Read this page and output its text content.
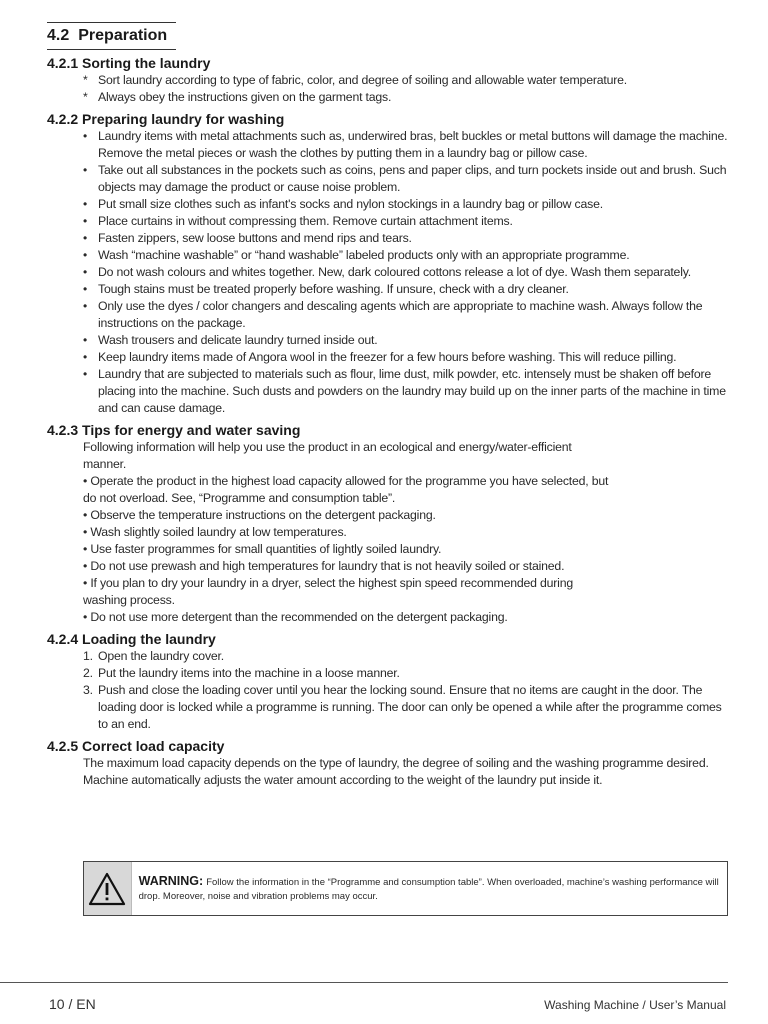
4.2 Preparation
4.2.1 Sorting the laundry
* Sort laundry according to type of fabric, color, and degree of soiling and allowable water temperature.
* Always obey the instructions given on the garment tags.
4.2.2 Preparing laundry for washing
• Laundry items with metal attachments such as, underwired bras, belt buckles or metal buttons will damage the machine. Remove the metal pieces or wash the clothes by putting them in a laundry bag or pillow case.
• Take out all substances in the pockets such as coins, pens and paper clips, and turn pockets inside out and brush. Such objects may damage the product or cause noise problem.
• Put small size clothes such as infant's socks and nylon stockings in a laundry bag or pillow case.
• Place curtains in without compressing them. Remove curtain attachment items.
• Fasten zippers, sew loose buttons and mend rips and tears.
• Wash “machine washable” or “hand washable” labeled products only with an appropriate programme.
• Do not wash colours and whites together. New, dark coloured cottons release a lot of dye. Wash them separately.
• Tough stains must be treated properly before washing. If unsure, check with a dry cleaner.
• Only use the dyes / color changers and descaling agents which are appropriate to machine wash. Always follow the instructions on the package.
• Wash trousers and delicate laundry turned inside out.
• Keep laundry items made of Angora wool in the freezer for a few hours before washing. This will reduce pilling.
• Laundry that are subjected to materials such as flour, lime dust, milk powder, etc. intensely must be shaken off before placing into the machine. Such dusts and powders on the laundry may build up on the inner parts of the machine in time and can cause damage.
4.2.3 Tips for energy and water saving
Following information will help you use the product in an ecological and energy/water-efficient
manner.
• Operate the product in the highest load capacity allowed for the programme you have selected, but
do not overload. See, “Programme and consumption table”.
• Observe the temperature instructions on the detergent packaging.
• Wash slightly soiled laundry at low temperatures.
• Use faster programmes for small quantities of lightly soiled laundry.
• Do not use prewash and high temperatures for laundry that is not heavily soiled or stained.
• If you plan to dry your laundry in a dryer, select the highest spin speed recommended during
washing process.
• Do not use more detergent than the recommended on the detergent packaging.
4.2.4 Loading the laundry
1. Open the laundry cover.
2. Put the laundry items into the machine in a loose manner.
3. Push and close the loading cover until you hear the locking sound. Ensure that no items are caught in the door. The loading door is locked while a programme is running. The door can only be opened a while after the programme comes to an end.
4.2.5 Correct load capacity
The maximum load capacity depends on the type of laundry, the degree of soiling and the washing programme desired.
Machine automatically adjusts the water amount according to the weight of the laundry put inside it.
WARNING: Follow the information in the “Programme and consumption table”. When overloaded, machine’s washing performance will drop. Moreover, noise and vibration problems may occur.
10 / EN	Washing Machine / User’s Manual
